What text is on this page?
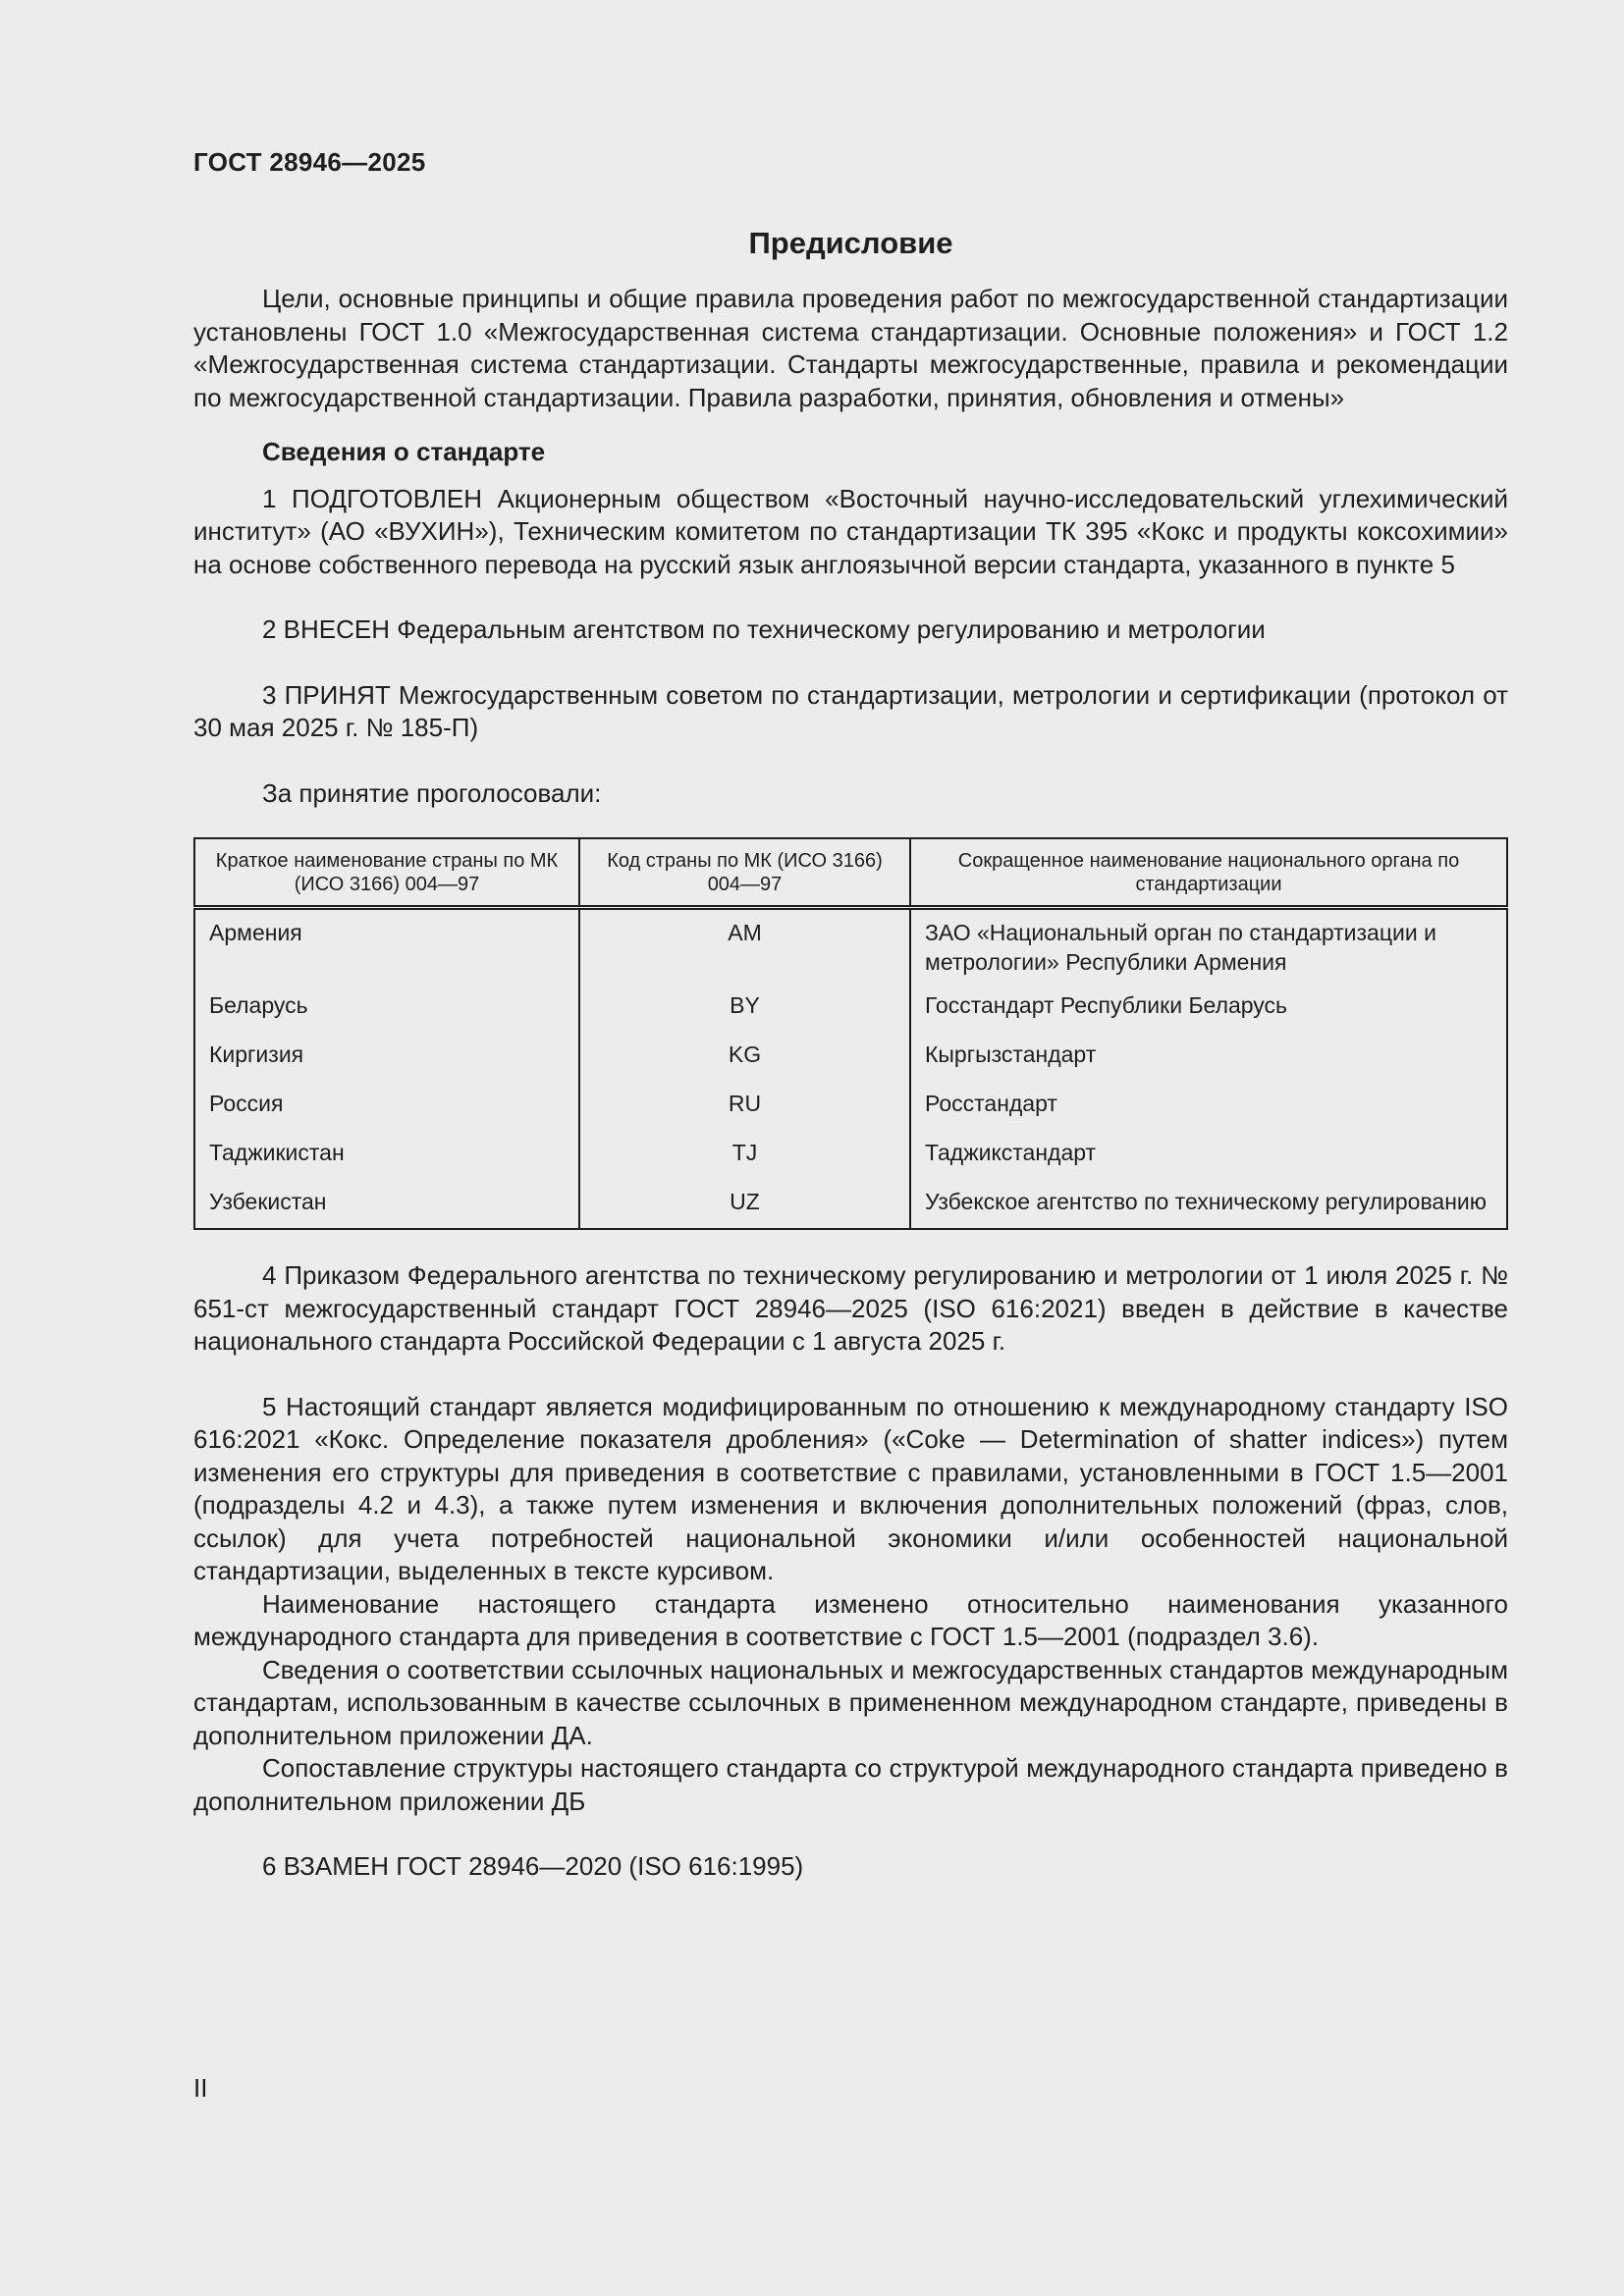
ГОСТ 28946—2025
Предисловие

Цели, основные принципы и общие правила проведения работ по межгосударственной стандартизации установлены ГОСТ 1.0 «Межгосударственная система стандартизации. Основные положения» и ГОСТ 1.2 «Межгосударственная система стандартизации. Стандарты межгосударственные, правила и рекомендации по межгосударственной стандартизации. Правила разработки, принятия, обновления и отмены»

Сведения о стандарте

1 ПОДГОТОВЛЕН Акционерным обществом «Восточный научно-исследовательский углехимический институт» (АО «ВУХИН»), Техническим комитетом по стандартизации ТК 395 «Кокс и продукты коксохимии» на основе собственного перевода на русский язык англоязычной версии стандарта, указанного в пункте 5

2 ВНЕСЕН Федеральным агентством по техническому регулированию и метрологии

3 ПРИНЯТ Межгосударственным советом по стандартизации, метрологии и сертификации (протокол от 30 мая 2025 г. № 185-П)

За принятие проголосовали:

Краткое наименование страны по МК (ИСО 3166) 004—97	Код страны по МК (ИСО 3166) 004—97	Сокращенное наименование национального органа по стандартизации
Армения	AM	ЗАО «Национальный орган по стандартизации и метрологии» Республики Армения
Беларусь	BY	Госстандарт Республики Беларусь
Киргизия	KG	Кыргызстандарт
Россия	RU	Росстандарт
Таджикистан	TJ	Таджикстандарт
Узбекистан	UZ	Узбекское агентство по техническому регулированию

4 Приказом Федерального агентства по техническому регулированию и метрологии от 1 июля 2025 г. № 651-ст межгосударственный стандарт ГОСТ 28946—2025 (ISO 616:2021) введен в действие в качестве национального стандарта Российской Федерации с 1 августа 2025 г.

5 Настоящий стандарт является модифицированным по отношению к международному стандарту ISO 616:2021 «Кокс. Определение показателя дробления» («Coke — Determination of shatter indices») путем изменения его структуры для приведения в соответствие с правилами, установленными в ГОСТ 1.5—2001 (подразделы 4.2 и 4.3), а также путем изменения и включения дополнительных положений (фраз, слов, ссылок) для учета потребностей национальной экономики и/или особенностей национальной стандартизации, выделенных в тексте курсивом.

Наименование настоящего стандарта изменено относительно наименования указанного международного стандарта для приведения в соответствие с ГОСТ 1.5—2001 (подраздел 3.6).

Сведения о соответствии ссылочных национальных и межгосударственных стандартов международным стандартам, использованным в качестве ссылочных в примененном международном стандарте, приведены в дополнительном приложении ДА.

Сопоставление структуры настоящего стандарта со структурой международного стандарта приведено в дополнительном приложении ДБ

6 ВЗАМЕН ГОСТ 28946—2020 (ISO 616:1995)

II
